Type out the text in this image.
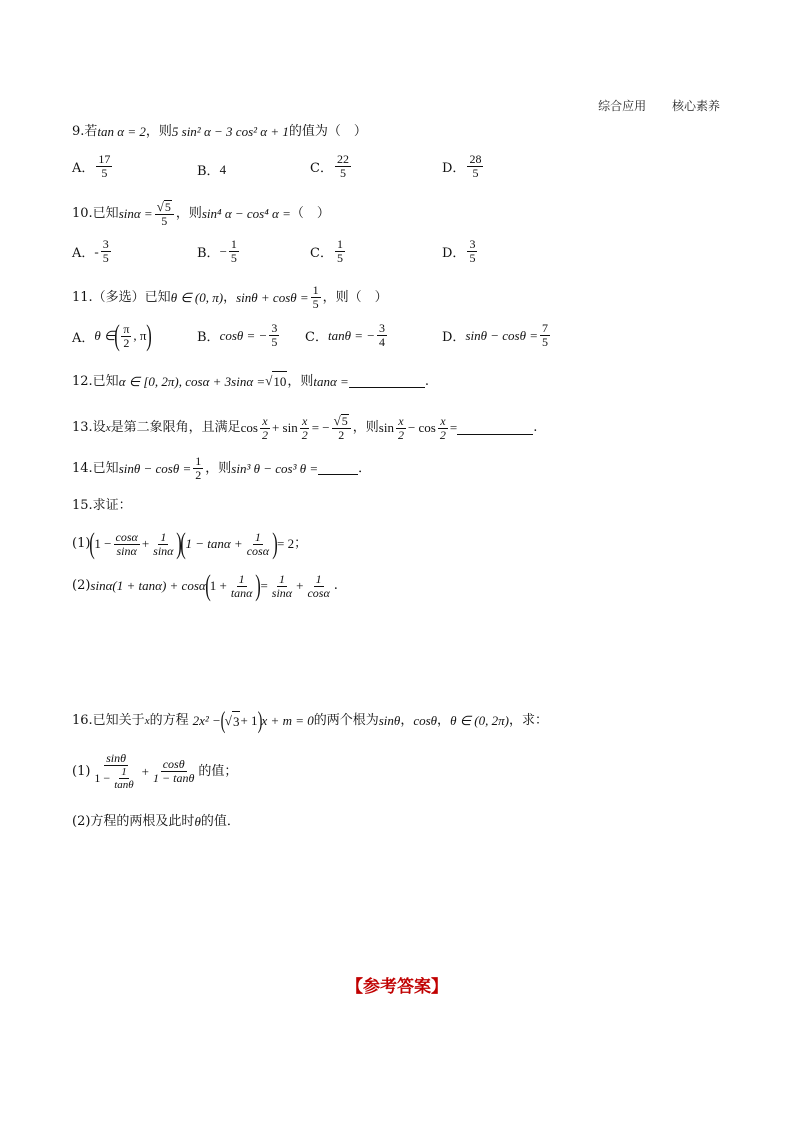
综合应用 核心素养
9.若 tan α = 2 ，则 5 sin² α − 3 cos² α + 1 的值为（　）
A． $\frac{17}{5}$	B． 4	C． $\frac{22}{5}$	D． $\frac{28}{5}$
10.已知 $\sin\alpha = \frac{√ 5}{5}$ ，则 sin⁴ α − cos⁴ α = （　）
A． - $\frac{3}{5}$	B． − $\frac{1}{5}$	C． $\frac{1}{5}$	D． $\frac{3}{5}$
11.（多选）已知 θ ∈ (0, π) ， $\sin\theta + \cos\theta = \frac{1}{5}$ ，则（　）
A． θ ∈ ( $\frac{\pi}{2}$ , π )	B． cosθ = − $\frac{3}{5}$ C． tanθ = − $\frac{3}{4}$	D． $\sin\theta - \cos\theta = \frac{7}{5}$
12.已知 α ∈ [0, 2π), cosα + 3sinα = √ 10 ，则 tanα =	.
13.设 x 是第二象限角，且满足 $\cos \frac{x}{2} + \sin \frac{x}{2}$ = − $\frac{√ 5}{2}$ ，则 $\sin \frac{x}{2} - \cos \frac{x}{2}$ =	.
14.已知 $\sin\theta - \cos\theta = \frac{1}{2}$ ，则 sin³ θ − cos³ θ =	．
15.求证：
(1) ( $1 - \frac{\cos\alpha}{\sin\alpha} + \frac{1}{\sin\alpha}$ )
( $1 - \tan\alpha + \frac{1}{\cos\alpha}$ ) = 2 ；
(2) sinα(1 + tanα) + cosα ( $1 + \frac{1}{\tan\alpha}$ ) = $\frac{1}{\sin\alpha} + \frac{1}{\cos\alpha}$ .
16.已知关于 x 的方程 2x² − ( √ 3 + 1 ) x + m = 0 的两个根为 sinθ ， cosθ ， θ ∈ (0, 2π) ，求：
$(1) \frac{\sin\theta}{1 - \frac{1}{\tan\theta}} + \frac{\cos\theta}{1 - \tan\theta}$ 的值；
(2) 方程的两根及此时 θ 的值．
【参考答案】
